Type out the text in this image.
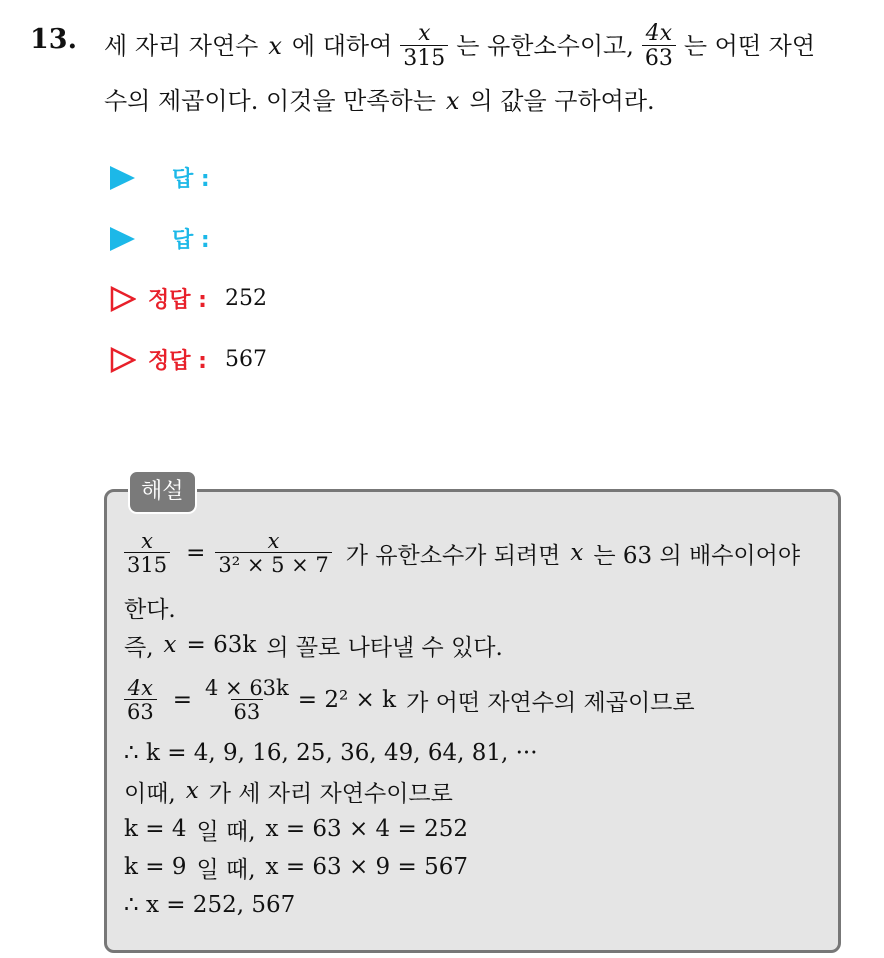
13. 세 자리 자연수 x 에 대하여 $\frac{x}{315}$ 는 유한소수이고, $\frac{4x}{63}$ 는 어떤 자연
수의 제곱이다. 이것을 만족하는 x 의 값을 구하여라.
답 :
답 :
정답 : 252
정답 : 567
해설
$\frac{x}{315} = \frac{x}{\text{3² × 5 × 7}}$ 가 유한소수가 되려면 x 는 63 의 배수이어야
한다.
즉, x = 63k 의 꼴로 나타낼 수 있다.
$\frac{4x}{63} = \frac{4 \times 63k}{63} = 2^2 \times k$ 가 어떤 자연수의 제곱이므로
∴ k = 4, 9, 16, 25, 36, 49, 64, 81, ···
이때, x 가 세 자리 자연수이므로
k = 4 일 때, x = 63 × 4 = 252
k = 9 일 때, x = 63 × 9 = 567
∴ x = 252, 567
